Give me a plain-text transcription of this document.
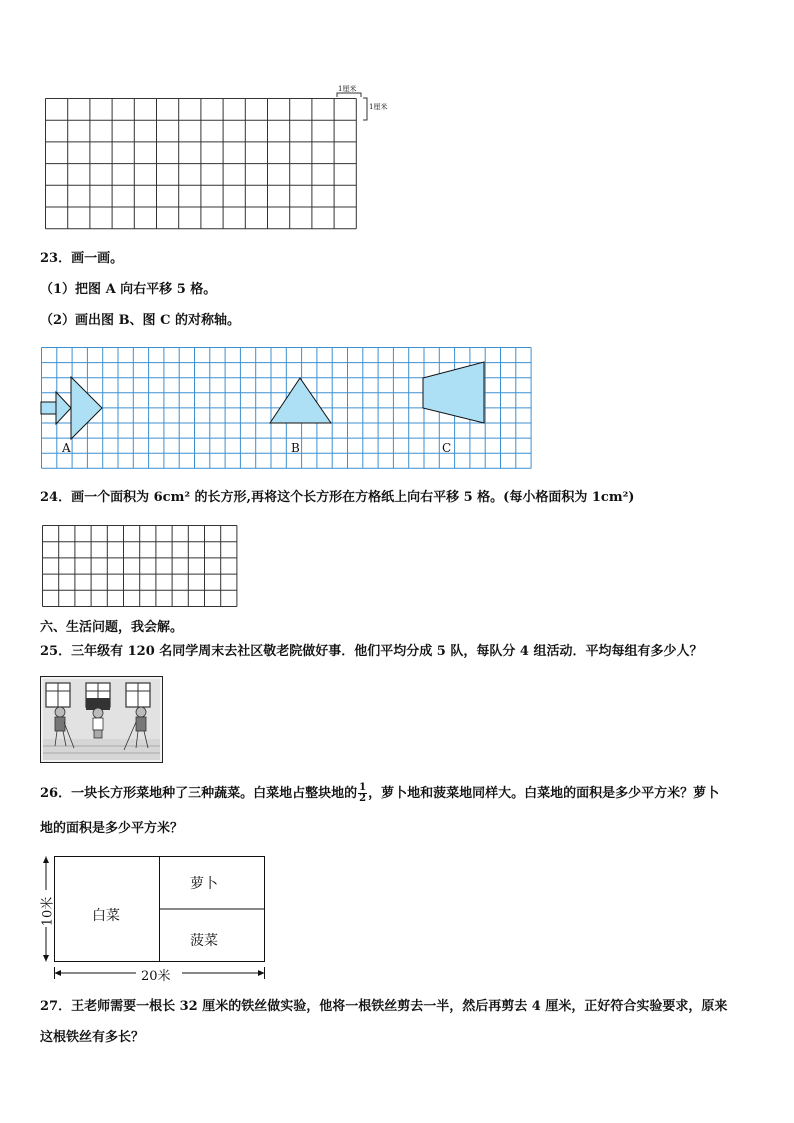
1厘米
1厘米
23．画一画。
（1）把图 A 向右平移 5 格。
（2）画出图 B、图 C 的对称轴。
A	B	C
24．画一个面积为 6cm² 的长方形,再将这个长方形在方格纸上向右平移 5 格。(每小格面积为 1cm²)
六、生活问题，我会解。
25．三年级有 120 名同学周末去社区敬老院做好事．他们平均分成 5 队，每队分 4 组活动．平均每组有多少人？
26．一块长方形菜地种了三种蔬菜。白菜地占整块地的 $\frac{1}{2}$ ，萝卜地和菠菜地同样大。白菜地的面积是多少平方米？萝卜
地的面积是多少平方米？
白菜
萝卜
菠菜
10米
20米
27．王老师需要一根长 32 厘米的铁丝做实验，他将一根铁丝剪去一半，然后再剪去 4 厘米，正好符合实验要求，原来
这根铁丝有多长？
